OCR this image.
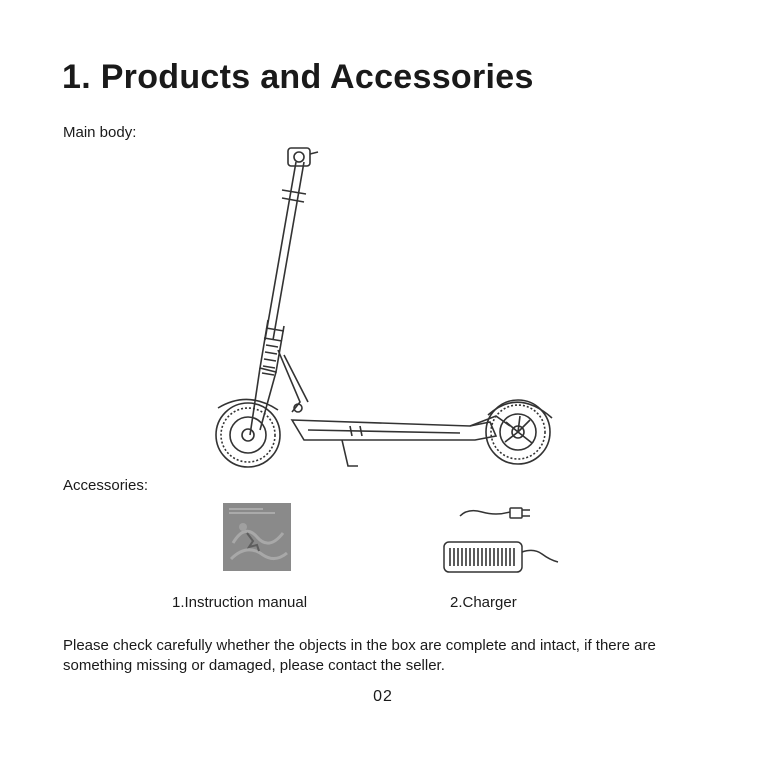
1. Products and Accessories
Main body:
Accessories:
1.Instruction manual	2.Charger
Please check carefully whether the objects in the box are complete and intact, if there are something missing or damaged, please contact the seller.
02
